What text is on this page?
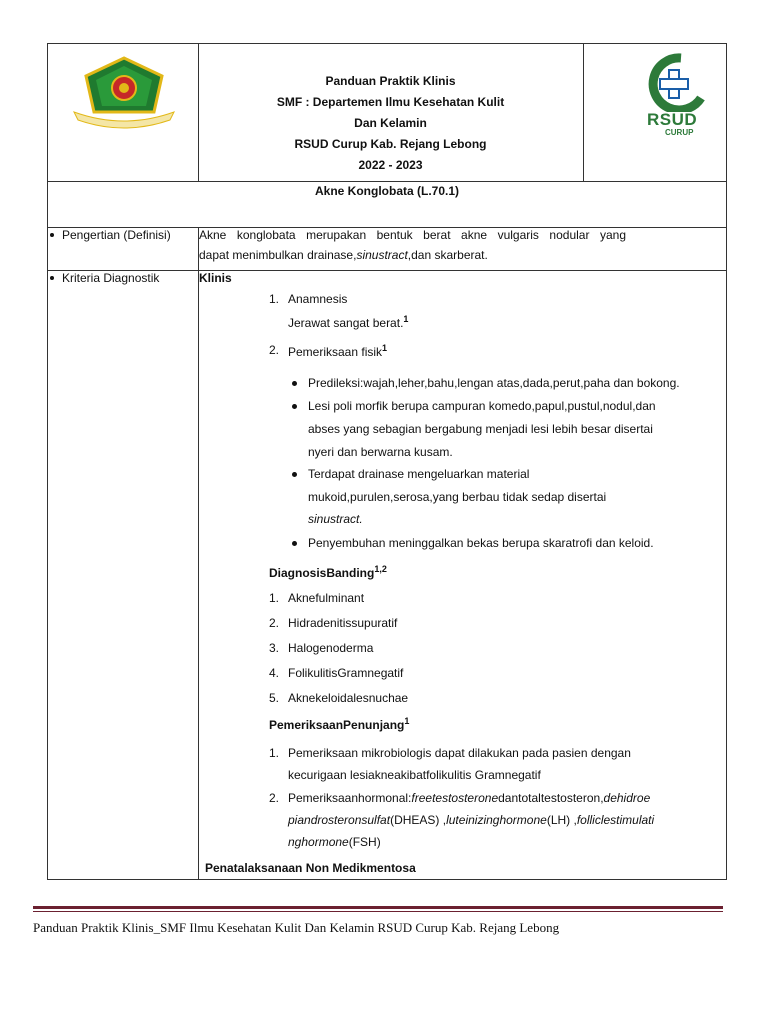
Panduan Praktik Klinis
SMF : Departemen Ilmu Kesehatan Kulit
Dan Kelamin
RSUD Curup Kab. Rejang Lebong
2022 - 2023
RSUD
CURUP
Akne Konglobata (L.70.1)
Pengertian (Definisi) Akne konglobata merupakan bentuk berat akne vulgaris nodular yang
dapat menimbulkan drainase,sinustract,dan skarberat.
Kriteria Diagnostik	Klinis
1. Anamnesis
Jerawat sangat berat.$^1$
2. Pemeriksaan fisik$^1$
Predileksi:wajah,leher,bahu,lengan atas,dada,perut,paha dan bokong.
Lesi poli morfik berupa campuran komedo,papul,pustul,nodul,dan
abses yang sebagian bergabung menjadi lesi lebih besar disertai
nyeri dan berwarna kusam.
Terdapat drainase mengeluarkan material
mukoid,purulen,serosa,yang berbau tidak sedap disertai
sinustract.
Penyembuhan meninggalkan bekas berupa skaratrofi dan keloid.
DiagnosisBanding$^{1,2}$
1. Aknefulminant
2. Hidradenitissupuratif
3. Halogenoderma
4. FolikulitisGramnegatif
5. Aknekeloidalesnuchae
PemeriksaanPenunjang$^1$
1. Pemeriksaan mikrobiologis dapat dilakukan pada pasien dengan
kecurigaan lesiakneakibatfolikulitis Gramnegatif
2. Pemeriksaanhormonal:freetestosteronedantotaltestosteron,dehidroe
piandrosteronsulfat(DHEAS) ,luteinizinghormone(LH) ,folliclestimulati
nghormone(FSH)
Penatalaksanaan Non Medikmentosa
Panduan Praktik Klinis_SMF Ilmu Kesehatan Kulit Dan Kelamin RSUD Curup Kab. Rejang Lebong
